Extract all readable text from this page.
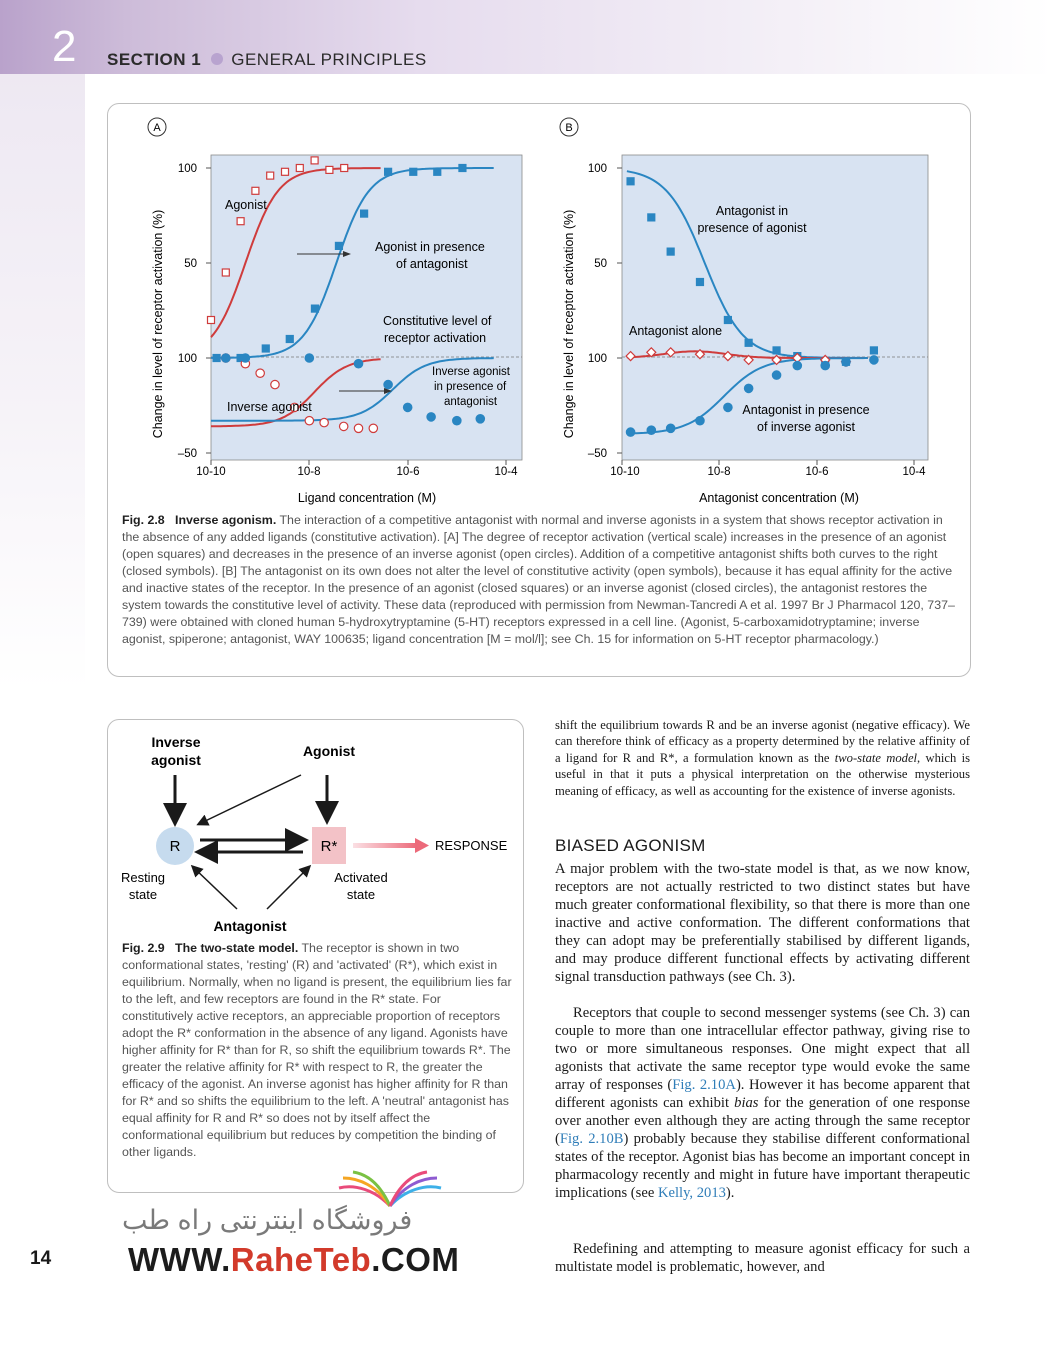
2 SECTION 1 GENERAL PRINCIPLES
A	B
100
50
100
–50
10-10	10-8	10-6	10-4
Ligand concentration (M)
Change in level of receptor activation (%)
Agonist
Agonist in presence
of antagonist
Constitutive level of
receptor activation
Inverse agonist
in presence of
antagonist
Inverse agonist
100
50
100
–50
10-10	10-8	10-6	10-4
Antagonist concentration (M)
Change in level of receptor activation (%)	Antagonist in
presence of agonist
Antagonist alone
Antagonist in presence
of inverse agonist
Fig. 2.8 Inverse agonism. The interaction of a competitive antagonist with normal and inverse agonists in a system that shows receptor activation in the absence of any added ligands (constitutive activation). [A] The degree of receptor activation (vertical scale) increases in the presence of an agonist (open squares) and decreases in the presence of an inverse agonist (open circles). Addition of a competitive antagonist shifts both curves to the right (closed symbols). [B] The antagonist on its own does not alter the level of constitutive activity (open symbols), because it has equal affinity for the active and inactive states of the receptor. In the presence of an agonist (closed squares) or an inverse agonist (closed circles), the antagonist restores the system towards the constitutive level of activity. These data (reproduced with permission from Newman-Tancredi A et al. 1997 Br J Pharmacol 120, 737–739) were obtained with cloned human 5-hydroxytryptamine (5-HT) receptors expressed in a cell line. (Agonist, 5-carboxamidotryptamine; inverse agonist, spiperone; antagonist, WAY 100635; ligand concentration [M = mol/l]; see Ch. 15 for information on 5-HT receptor pharmacology.)
Inverse
agonist
Agonist
R	R*	RESPONSE
Resting
state
Activated
state
Antagonist
Fig. 2.9 The two-state model. The receptor is shown in two conformational states, 'resting' (R) and 'activated' (R*), which exist in equilibrium. Normally, when no ligand is present, the equilibrium lies far to the left, and few receptors are found in the R* state. For constitutively active receptors, an appreciable proportion of receptors adopt the R* conformation in the absence of any ligand. Agonists have higher affinity for R* than for R, so shift the equilibrium towards R*. The greater the relative affinity for R* with respect to R, the greater the efficacy of the agonist. An inverse agonist has higher affinity for R than for R* and so shifts the equilibrium to the left. A 'neutral' antagonist has equal affinity for R and R* so does not by itself affect the conformational equilibrium but reduces by competition the binding of other ligands.

shift the equilibrium towards R and be an inverse agonist (negative efficacy). We can therefore think of efficacy as a property determined by the relative affinity of a ligand for R and R*, a formulation known as the two-state model, which is useful in that it puts a physical interpretation on the otherwise mysterious meaning of efficacy, as well as accounting for the existence of inverse agonists.

BIASED AGONISM

A major problem with the two-state model is that, as we now know, receptors are not actually restricted to two distinct states but have much greater conformational flexibility, so that there is more than one inactive and active conformation. The different conformations that they can adopt may be preferentially stabilised by different ligands, and may produce different functional effects by activating different signal transduction pathways (see Ch. 3).

Receptors that couple to second messenger systems (see Ch. 3) can couple to more than one intracellular effector pathway, giving rise to two or more simultaneous responses. One might expect that all agonists that activate the same receptor type would evoke the same array of responses (Fig. 2.10A). However it has become apparent that different agonists can exhibit bias for the generation of one response over another even although they are acting through the same receptor (Fig. 2.10B) probably because they stabilise different conformational states of the receptor. Agonist bias has become an important concept in pharmacology recently and might in future have important therapeutic implications (see Kelly, 2013).

Redefining and attempting to measure agonist efficacy for such a multistate model is problematic, however, and

14
فروشگاه اینترنتی راه طب
WWW.RaheTeb.COM
